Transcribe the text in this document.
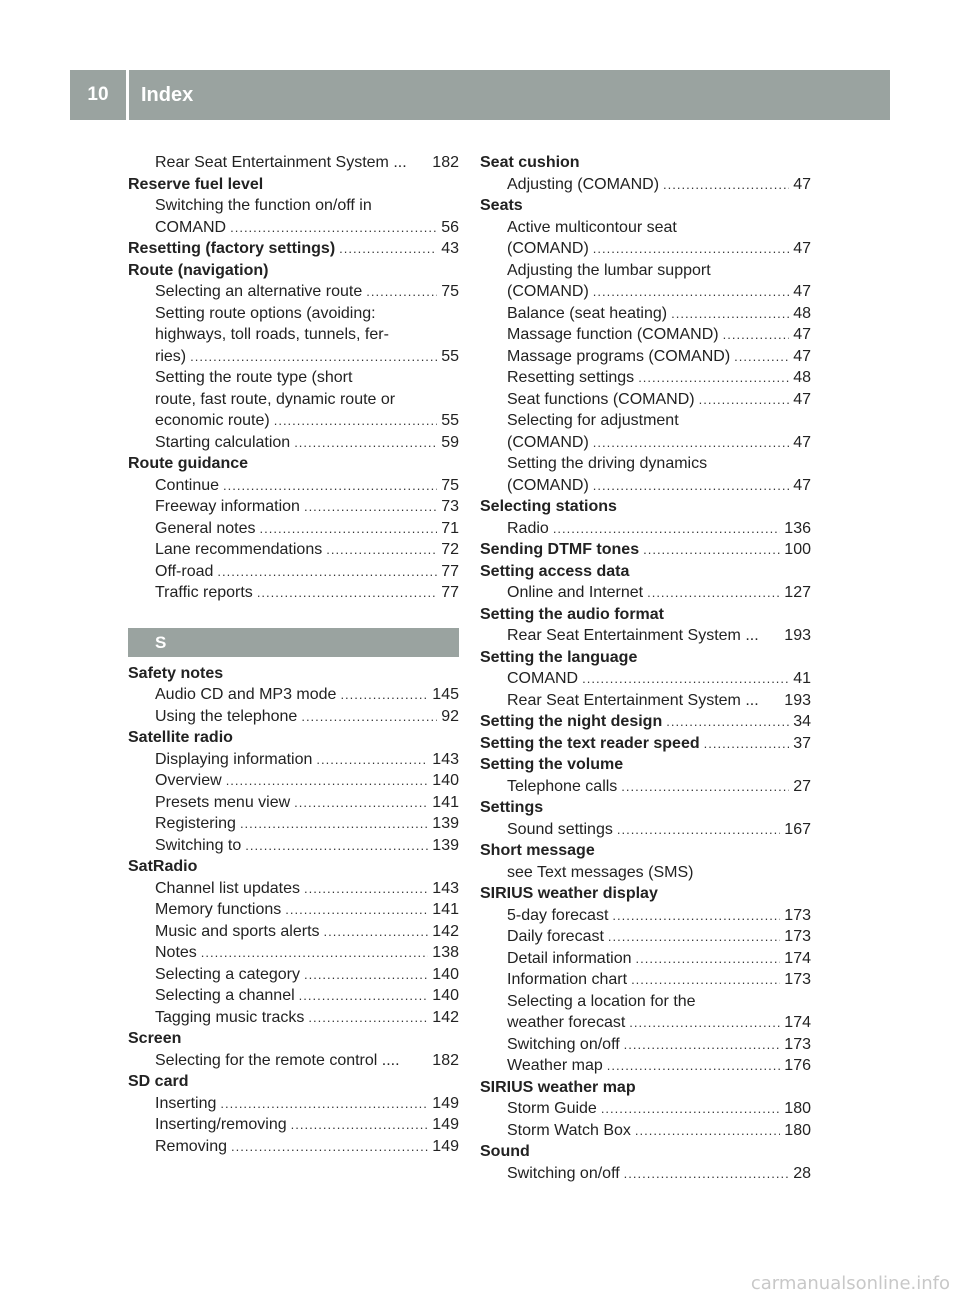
10	Index
Rear Seat Entertainment System ... 182
Reserve fuel level
Switching the function on/off in
COMAND .....	56
Resetting (factory settings) .....	43
Route (navigation)
Selecting an alternative route .....	75
Setting route options (avoiding:
highways, toll roads, tunnels, fer-
ries) .....	55
Setting the route type (short
route, fast route, dynamic route or
economic route) .....	55
Starting calculation .....	59
Route guidance
Continue .....	75
Freeway information .....	73
General notes .....	71
Lane recommendations .....	72
Off-road .....	77
Traffic reports .....	77
S
Safety notes
Audio CD and MP3 mode .....	145
Using the telephone .....	92
Satellite radio
Displaying information .....	143
Overview .....	140
Presets menu view .....	141
Registering .....	139
Switching to .....	139
SatRadio
Channel list updates .....	143
Memory functions .....	141
Music and sports alerts .....	142
Notes .....	138
Selecting a category .....	140
Selecting a channel .....	140
Tagging music tracks .....	142
Screen
Selecting for the remote control .... 182
SD card
Inserting .....	149
Inserting/removing .....	149
Removing .....	149
Seat cushion
Adjusting (COMAND) .....	47
Seats
Active multicontour seat
(COMAND) .....	47
Adjusting the lumbar support
(COMAND) .....	47
Balance (seat heating) .....	48
Massage function (COMAND) .....	47
Massage programs (COMAND) .....	47
Resetting settings .....	48
Seat functions (COMAND) .....	47
Selecting for adjustment
(COMAND) .....	47
Setting the driving dynamics
(COMAND) .....	47
Selecting stations
Radio .....	136
Sending DTMF tones .....	100
Setting access data
Online and Internet .....	127
Setting the audio format
Rear Seat Entertainment System ... 193
Setting the language
COMAND .....	41
Rear Seat Entertainment System ... 193
Setting the night design .....	34
Setting the text reader speed .....	37
Setting the volume
Telephone calls .....	27
Settings
Sound settings .....	167
Short message
see Text messages (SMS)
SIRIUS weather display
5-day forecast .....	173
Daily forecast .....	173
Detail information .....	174
Information chart .....	173
Selecting a location for the
weather forecast .....	174
Switching on/off .....	173
Weather map .....	176
SIRIUS weather map
Storm Guide .....	180
Storm Watch Box .....	180
Sound
Switching on/off .....	28
carmanualsonline.info
